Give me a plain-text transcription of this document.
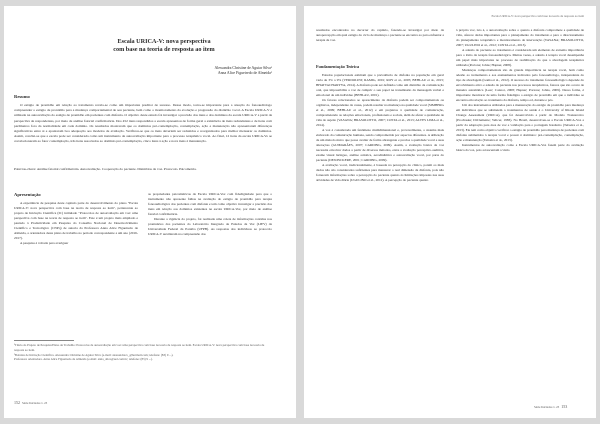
Escala URICA-V: nova perspectiva
com base na teoria de resposta ao item
Alessandra Christine de Aguiar Silva¹
Anna Alice Figueiredo de Almeida²
Resumo

O estágio de prontidão em relação ao tratamento revela-se como um importante preditor de sucesso. Desse modo, torna-se importante para a atuação do fonoaudiólogo compreender o estágio de prontidão para a mudança comportamental de seu paciente, bem como o monitoramento da evolução e progressão do distúrbio vocal. A Escala URICA-V é utilizada na autoavaliação do estágio de prontidão em pacientes com disfonia. O objetivo deste estudo foi investigar a precisão dos itens e dos domínios da escala URICA-V a partir da perspectiva de respondentes, por meio de análise fatorial confirmatória. Dos 452 itens respondidos a escala apresentou de forma geral a existência de itens redundantes e de itens com parâmetros fora da normalidade em cada domínio. Os resultados mostraram que os domínios pré-contemplação, contemplação, ação e manutenção não apresentaram diferenças significativas entre si e apontaram boa adequação aos modelos de avaliação. Verificou-se que os itens deveriam ser reduzidos e reorganizados para melhor mensurar os domínios. Assim, conclui-se que a escala pode ser considerada como um instrumento de autoavaliação importante para o processo terapêutico vocal. Ao final, 12 itens da escala URICA-Vo se correlacionaram ao fator contemplação, três itens associados ao domínio pré-contemplação, cinco itens à ação e nove itens à manutenção.

Palavras-chave: Análise fatorial confirmatória. Autoavaliação. Cooperação do paciente. Distúrbios da voz. Protocolo. Psicometria.

Apresentação

A experiência de pesquisa deste capítulo parte do desenvolvimento do plano "Escala URICA-V: nova perspectiva com base na teoria de resposta ao item", pertencente ao projeto de Iniciação Científica (IC) intitulado "Protocolos de autoavaliação em voz: uma perspectiva com base na teoria de resposta ao item". Este é um projeto mais ampliado e pautado à Produtividade em Pesquisa do Conselho Nacional de Desenvolvimento Científico e Tecnológico (CNPq) de autoria da Professora Anna Alice Figueiredo de Almeida, a orientadora deste plano de trabalho no período correspondente a um ano (2016-2017).
A pesquisa é voltada para averiguar

as propriedades psicométricas da Escala URICA-Voz com fidedignidade para que o instrumento não apresente falhas na avaliação do estágio de prontidão para terapia fonoaudiológica dos pacientes com disfonia e tem como objetivo investigar a precisão dos itens em relação aos domínios existentes na escala URICA-Voz, por meio de análise fatorial confirmatória.
Durante a vigência do projeto, foi realizada uma coleta de informações contidas nos prontuários dos pacientes do Laboratório Integrado de Estudos da Voz (LIEV) da Universidade Federal da Paraíba (UFPB). As respostas dos indivíduos ao protocolo URICA-V auxiliaram na compreensão dos

¹Título do Projeto de Pesquisa/Plano de Trabalho: Protocolos de autoavaliação em voz: uma perspectiva com base na teoria de resposta ao item. Escala URICA-V: nova perspectiva com base na teoria de resposta ao item.
²Bolsista de Iniciação Científica. Alessandra Christine de Aguiar Silva (e-mail: alessandracs_@hotmail.com; telefone: (83) 9 ...).
Professora orientadora. Anna Alice Figueiredo de Almeida (e-mail: anna_alice@uol.com.br; telefone: (83) 9 ...).
152 Série Iniciados v. 23
Escala URICA-V: nova perspectiva com base na teoria de resposta ao item

resultados encontrados no decorrer do capítulo, fazendo-se investigar por meio da autopercepção em qual estágio do ciclo de mudança o paciente se encontra ao para enfrentar a terapia de voz.

Fundamentação Teórica
Estudos populacionais estimam que a prevalência de disfonia na população em geral varia de 3% a 9% (VERDOLINI; RAMIG, 2001; ROY et al., 2005; BEHLAU et al., 2015; BHATTACHARYYA, 2014). A disfonia pode ser definida como um distúrbio da comunicação oral, que impossibilita a voz de cumprir o seu papel na transmissão da mensagem verbal e emocional de um indivíduo (BEHLAU, 2001).
Os fatores relacionados ao aparecimento da disfonia podem ser comportamentais ou orgânicos, independente da causa, podem resultar na mudança na qualidade vocal (SIMBERG et al., 2009; BEHLAU et al., 2012) e em prejuízos à qualidade de comunicação, comprometendo as relações emocionais, profissionais e sociais, além de afetar a qualidade de vida do sujeito (VASANA; BRASOLOTTO, 2007; COSTA et al., 2013; ALVES LIMA et al., 2014).
A voz é considerada um fenômeno multidimensional e, provavelmente, o sistema mais elaborado da comunicação humana, sendo comprometida por aspectos diferentes. A utilização de um método único que possa avaliar de forma abrangente e precisa a qualidade vocal e suas alterações (GUIMARÃES, 2007; CARDING, 2009). Assim, a avaliação básica da voz necessita envolver dados a partir de diversos métodos, entre a avaliação perceptivo-auditiva, exame visual laríngeo, análise acústica, aerodinâmica e autoavaliação vocal, por parte do paciente (DEJONCKERE, 2001; CARDING, 2009).
A avaliação vocal, tradicionalmente, é baseada na percepção do clínico, porém os mais dados não são considerados suficientes para mensurar o real dimensão da disfonia, pois não fornecem informações sobre a percepção do paciente quanto às limitações impostas nas suas atividades de vida diária (UGULINO et al., 2012). A percepção do paciente quanto
à própria voz, isto é, a autoavaliação sobre o quanto a disfonia compromete a qualidade de vida, oferece dados importantes para o planejamento do tratamento e para o direcionamento do planejamento terapêutico e monitoramento da intervenção (VASANA; BRASOLOTTO, 2007; UGULINO et al., 2012; COSTA et al., 2013).
A adesão do paciente ao tratamento é considerada um elemento de extrema importância para o êxito da terapia fonoaudiológica. Muitas vezes, a adesão à terapia vocal desempenha um papel mais importante no processo de reabilitação do que a abordagem terapêutica utilizada (Portone; Johns; Hapner, 2008).
Mudanças comportamentais são de grande importância na terapia vocal, bem como adesão ao treinamento e aos ensinamentos indicados pelo fonoaudiólogo, independente do tipo de abordagem (Gama et al., 2012). O sucesso do tratamento fonoaudiológico depende do envolvimento ativo e adesão do paciente nos processos terapêuticos, fatores que são ocorre de maneira automática (Leer; Connor, 2008; Hapner; Portone; Johns, 2009). Dessa forma, é importante monitorar de uma forma fidedigna o estágio de prontidão em que o indivíduo se encontra em relação ao tratamento da disfonia, tempo ed, durante e pós.
Um dos instrumentos utilizados para a mensuração do estágio de prontidão para mudança em indivíduos que se submetem a tratamentos de saúde é o University of Rhode Island Change Assessment (URICA), que foi desenvolvido a partir do Modelo Transteórico (Prochaska; DiClemente; Velicer, 1983). No Brasil, desenvolveu-se a Escala URICA-Voz a partir da adaptação para área de voz e validação para o português brasileiro (Teixeira et al., 2013). Ele tem como objetivo verificar o estágio de prontidão para mudança de pacientes com disfonia submetidos à terapia vocal e possui 4 domínios: pré-contemplação, contemplação, ação e manutenção (Teixeira et al., 2013).
Instrumentos de autoavaliação como a Escala URICA-Voz fazem parte da avaliação básica da voz, pois acrescentam a visão
Série Iniciados v. 23 153
